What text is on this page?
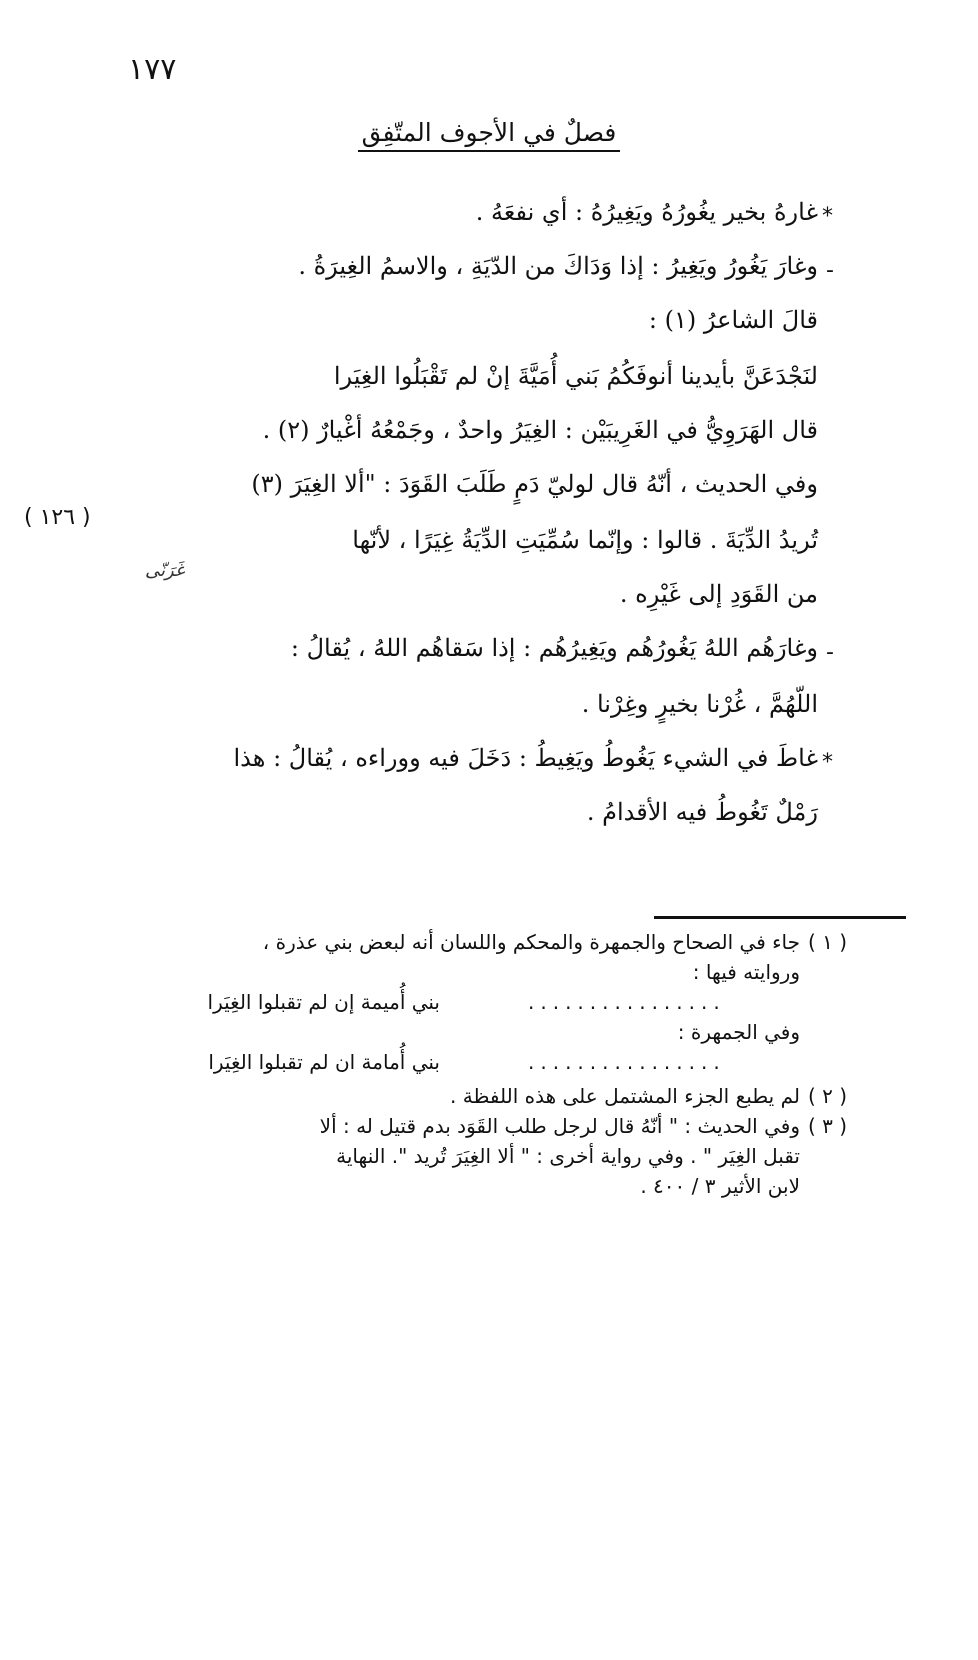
١٧٧
فصلٌ في الأجوف المتّفِق
( ١٢٦ )
غَرَنّى
*
غارهُ بخير يغُورُهُ ويَغِيرُهُ : أي نفعَهُ .
-
وغارَ يَغُورُ ويَغِيرُ : إذا وَدَاكَ من الدّيَةِ ، والاسمُ الغِيرَةُ .
قالَ الشاعرُ (١) :
لنَجْدَعَنَّ بأيدينا أنوفَكُمُ بَني أُمَيَّةَ إنْ لم تَقْبَلُوا الغِيَرا
قال الهَرَوِيُّ في الغَرِيبَيْن : الغِيَرُ واحدٌ ، وجَمْعُهُ أغْيارٌ (٢) .
وفي الحديث ، أنّهُ قال لوليّ دَمٍ طَلَبَ القَوَدَ : "ألا الغِيَرَ (٣)
تُريدُ الدِّيَةَ . قالوا : وإنّما سُمِّيَتِ الدِّيَةُ غِيَرًا ، لأنّها
من القَوَدِ إلى غَيْرِه .
-
وغارَهُم اللهُ يَغُورُهُم ويَغِيرُهُم : إذا سَقاهُم اللهُ ، يُقالُ :
اللّهُمَّ ، غُرْنا بخيرٍ وغِرْنا .
*
غاطَ في الشيء يَغُوطُ ويَغِيطُ : دَخَلَ فيه ووراءه ، يُقالُ : هذا
رَمْلٌ تَغُوطُ فيه الأقدامُ .
( ١ )
جاء في الصحاح والجمهرة والمحكم واللسان أنه لبعض بني عذرة ،
وروايته فيها :
................
بني أُميمة إن لم تقبلوا الغِيَرا
وفي الجمهرة :
................
بني أُمامة ان لم تقبلوا الغِيَرا
( ٢ )
لم يطبع الجزء المشتمل على هذه اللفظة .
( ٣ )
وفي الحديث : " أنّهُ قال لرجل طلب القَوَد بدم قتيل له : ألا
تقبل الغِيَر " . وفي رواية أخرى : " ألا الغِيَرَ تُريد ". النهاية
لابن الأثير ٣ / ٤٠٠ .
